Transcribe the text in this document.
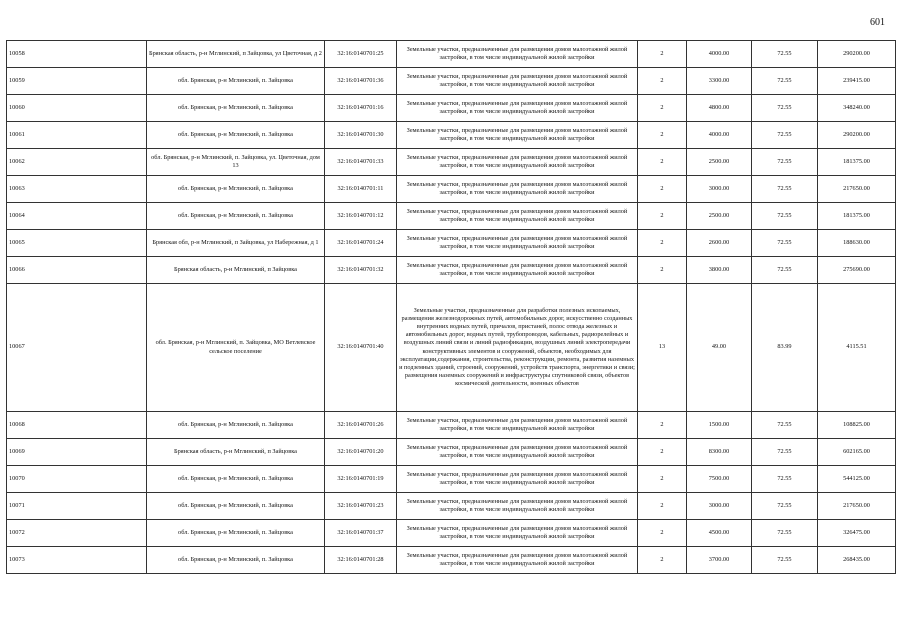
601
10058	Брянская область, р-н Мглинский, п Зайцовка, ул Цветочная, д 2	32:16:0140701:25	Земельные участки, предназначенные для размещения домов малоэтажной жилой застройки, в том числе индивидуальной жилой застройки	2	4000.00	72.55	290200.00
10059	обл. Брянская, р-н Мглинский, п. Зайцовка	32:16:0140701:36	Земельные участки, предназначенные для размещения домов малоэтажной жилой застройки, в том числе индивидуальной жилой застройки	2	3300.00	72.55	239415.00
10060	обл. Брянская, р-н Мглинский, п. Зайцовка	32:16:0140701:16	Земельные участки, предназначенные для размещения домов малоэтажной жилой застройки, в том числе индивидуальной жилой застройки	2	4800.00	72.55	348240.00
10061	обл. Брянская, р-н Мглинский, п. Зайцовка	32:16:0140701:30	Земельные участки, предназначенные для размещения домов малоэтажной жилой застройки, в том числе индивидуальной жилой застройки	2	4000.00	72.55	290200.00
10062	обл. Брянская, р-н Мглинский, п. Зайцовка, ул. Цветочная, дом 13	32:16:0140701:33	Земельные участки, предназначенные для размещения домов малоэтажной жилой застройки, в том числе индивидуальной жилой застройки	2	2500.00	72.55	181375.00
10063	обл. Брянская, р-н Мглинский, п. Зайцовка	32:16:0140701:11	Земельные участки, предназначенные для размещения домов малоэтажной жилой застройки, в том числе индивидуальной жилой застройки	2	3000.00	72.55	217650.00
10064	обл. Брянская, р-н Мглинский, п. Зайцовка	32:16:0140701:12	Земельные участки, предназначенные для размещения домов малоэтажной жилой застройки, в том числе индивидуальной жилой застройки	2	2500.00	72.55	181375.00
10065	Брянская обл, р-н Мглинский, п Зайцовка, ул Набережная, д 1	32:16:0140701:24	Земельные участки, предназначенные для размещения домов малоэтажной жилой застройки, в том числе индивидуальной жилой застройки	2	2600.00	72.55	188630.00
10066	Брянская область, р-н Мглинский, п Зайцовка	32:16:0140701:32	Земельные участки, предназначенные для размещения домов малоэтажной жилой застройки, в том числе индивидуальной жилой застройки	2	3800.00	72.55	275690.00
10067	обл. Брянская, р-н Мглинский, п. Зайцовка, МО Ветлевское сельское поселение	32:16:0140701:40	Земельные участки, предназначенные для разработки полезных ископаемых, размещения железнодорожных путей, автомобильных дорог, искусственно созданных внутренних водных путей, причалов, пристаней, полос отвода железных и автомобильных дорог, водных путей, трубопроводов, кабельных, радиорелейных и воздушных линий связи и линий радиофикации, воздушных линий электропередачи конструктивных элементов и сооружений, объектов, необходимых для эксплуатации,содержания, строительства, реконструкции, ремонта, развития наземных и подземных зданий, строений, сооружений, устройств транспорта, энергетики и связи; размещения наземных сооружений и инфраструктуры спутниковой связи, объектов космической деятельности, военных объектов	13	49.00	83.99	4115.51
10068	обл. Брянская, р-н Мглинский, п. Зайцовка	32:16:0140701:26	Земельные участки, предназначенные для размещения домов малоэтажной жилой застройки, в том числе индивидуальной жилой застройки	2	1500.00	72.55	108825.00
10069	Брянская область, р-н Мглинский, п Зайцовка	32:16:0140701:20	Земельные участки, предназначенные для размещения домов малоэтажной жилой застройки, в том числе индивидуальной жилой застройки	2	8300.00	72.55	602165.00
10070	обл. Брянская, р-н Мглинский, п. Зайцовка	32:16:0140701:19	Земельные участки, предназначенные для размещения домов малоэтажной жилой застройки, в том числе индивидуальной жилой застройки	2	7500.00	72.55	544125.00
10071	обл. Брянская, р-н Мглинский, п. Зайцовка	32:16:0140701:23	Земельные участки, предназначенные для размещения домов малоэтажной жилой застройки, в том числе индивидуальной жилой застройки	2	3000.00	72.55	217650.00
10072	обл. Брянская, р-н Мглинский, п. Зайцовка	32:16:0140701:37	Земельные участки, предназначенные для размещения домов малоэтажной жилой застройки, в том числе индивидуальной жилой застройки	2	4500.00	72.55	326475.00
10073	обл. Брянская, р-н Мглинский, п. Зайцовка	32:16:0140701:28	Земельные участки, предназначенные для размещения домов малоэтажной жилой застройки, в том числе индивидуальной жилой застройки	2	3700.00	72.55	268435.00
